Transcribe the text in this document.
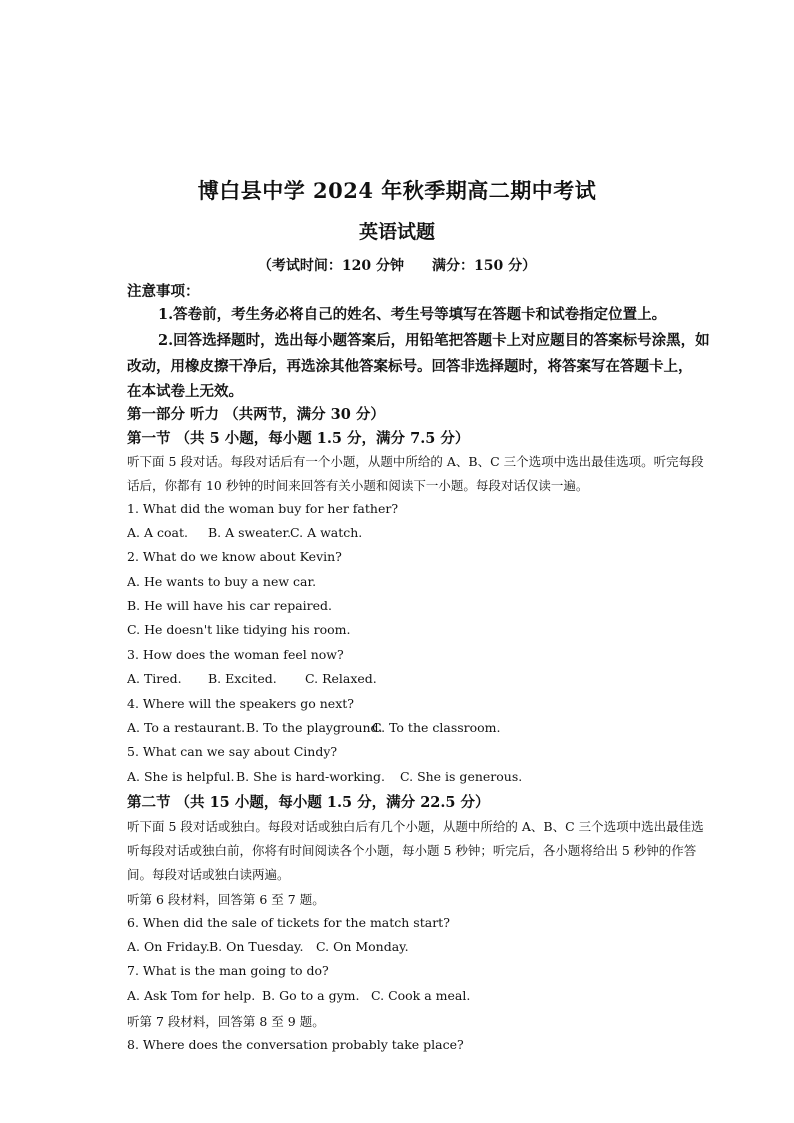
博白县中学 2024 年秋季期高二期中考试
英语试题
（考试时间：120 分钟　　满分：150 分）
注意事项：
1.答卷前，考生务必将自己的姓名、考生号等填写在答题卡和试卷指定位置上。
2.回答选择题时，选出每小题答案后，用铅笔把答题卡上对应题目的答案标号涂黑，如
改动，用橡皮擦干净后，再选涂其他答案标号。回答非选择题时，将答案写在答题卡上，
在本试卷上无效。
第一部分 听力 （共两节，满分 30 分）
第一节 （共 5 小题，每小题 1.5 分，满分 7.5 分）
听下面 5 段对话。每段对话后有一个小题，从题中所给的 A、B、C 三个选项中选出最佳选项。听完每段
话后，你都有 10 秒钟的时间来回答有关小题和阅读下一小题。每段对话仅读一遍。
1. What did the woman buy for her father?
A. A coat. B. A sweater.C. A watch.
2. What do we know about Kevin?
A. He wants to buy a new car.
B. He will have his car repaired.
C. He doesn't like tidying his room.
3. How does the woman feel now?
A. Tired. B. Excited. C. Relaxed.
4. Where will the speakers go next?
A. To a restaurant.B. To the playground.C. To the classroom.
5. What can we say about Cindy?
A. She is helpful. B. She is hard-working. C. She is generous.
第二节 （共 15 小题，每小题 1.5 分，满分 22.5 分）
听下面 5 段对话或独白。每段对话或独白后有几个小题，从题中所给的 A、B、C 三个选项中选出最佳选
听每段对话或独白前，你将有时间阅读各个小题，每小题 5 秒钟；听完后，各小题将给出 5 秒钟的作答
间。每段对话或独白读两遍。
听第 6 段材料，回答第 6 至 7 题。
6. When did the sale of tickets for the match start?
A. On Friday.B. On Tuesday. C. On Monday.
7. What is the man going to do?
A. Ask Tom for help. B. Go to a gym. C. Cook a meal.
听第 7 段材料，回答第 8 至 9 题。
8. Where does the conversation probably take place?
